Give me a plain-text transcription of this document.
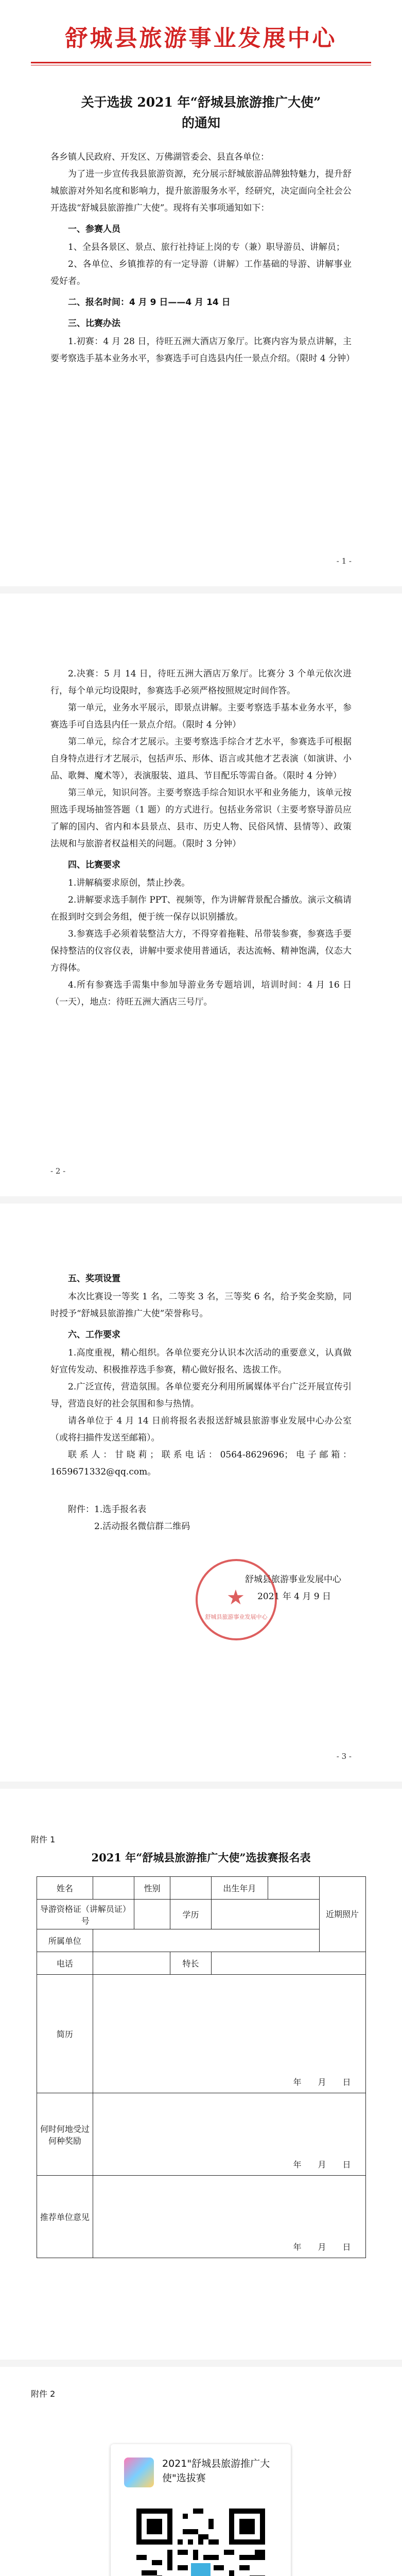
舒城县旅游事业发展中心
关于选拔 2021 年“舒城县旅游推广大使”
的通知

各乡镇人民政府、开发区、万佛湖管委会、县直各单位：

为了进一步宣传我县旅游资源，充分展示舒城旅游品牌独特魅力，提升舒城旅游对外知名度和影响力，提升旅游服务水平，经研究，决定面向全社会公开选拔“舒城县旅游推广大使”。现将有关事项通知如下：

一、参赛人员

1、全县各景区、景点、旅行社持证上岗的专（兼）职导游员、讲解员；

2、各单位、乡镇推荐的有一定导游（讲解）工作基础的导游、讲解事业爱好者。

二、报名时间：4 月 9 日——4 月 14 日
三、比赛办法

1.初赛：4 月 28 日，待旺五洲大酒店万象厅。比赛内容为景点讲解，主要考察选手基本业务水平，参赛选手可自选县内任一景点介绍。（限时 4 分钟）

- 1 -

2.决赛：5 月 14 日，待旺五洲大酒店万象厅。比赛分 3 个单元依次进行，每个单元均设限时，参赛选手必须严格按照规定时间作答。

第一单元，业务水平展示，即景点讲解。主要考察选手基本业务水平，参赛选手可自选县内任一景点介绍。（限时 4 分钟）

第二单元，综合才艺展示。主要考察选手综合才艺水平，参赛选手可根据自身特点进行才艺展示，包括声乐、形体、语言或其他才艺表演（如演讲、小品、歌舞、魔术等），表演服装、道具、节目配乐等需自备。（限时 4 分钟）

第三单元，知识问答。主要考察选手综合知识水平和业务能力，该单元按照选手现场抽签答题（1 题）的方式进行。包括业务常识（主要考察导游员应了解的国内、省内和本县景点、县市、历史人物、民俗风情、县情等）、政策法规和与旅游者权益相关的问题。（限时 3 分钟）

四、比赛要求

1.讲解稿要求原创，禁止抄袭。

2.讲解要求选手制作 PPT、视频等，作为讲解背景配合播放。演示文稿请在报到时交到会务组，便于统一保存以识别播放。

3.参赛选手必须着装整洁大方，不得穿着拖鞋、吊带装参赛，参赛选手要保持整洁的仪容仪表，讲解中要求使用普通话，表达流畅、精神饱满，仪态大方得体。

4.所有参赛选手需集中参加导游业务专题培训，培训时间：4 月 16 日（一天），地点：待旺五洲大酒店三号厅。

- 2 -
五、奖项设置

本次比赛设一等奖 1 名，二等奖 3 名，三等奖 6 名，给予奖金奖励，同时授予“舒城县旅游推广大使”荣誉称号。

六、工作要求

1.高度重视，精心组织。各单位要充分认识本次活动的重要意义，认真做好宣传发动、积极推荐选手参赛，精心做好报名、选拔工作。

2.广泛宣传，营造氛围。各单位要充分利用所属媒体平台广泛开展宣传引导，营造良好的社会氛围和参与热情。

请各单位于 4 月 14 日前将报名表报送舒城县旅游事业发展中心办公室（或将扫描件发送至邮箱）。

联系人：甘晓莉；联系电话：0564-8629696；电子邮箱：1659671332@qq.com。

附件：1.选手报名表

2.活动报名微信群二维码

舒城县旅游事业发展中心

2021 年 4 月 9 日

★
舒城县旅游事业发展中心
- 3 -
附件 1
2021 年“舒城县旅游推广大使”选拔赛报名表
姓名		性别		出生年月		近期照片
导游资格证（讲解员证）号			学历			
所属单位						
电话			特长			
简历	年　　月　　日					
何时何地受过何种奖励	年　　月　　日					
推荐单位意见	年　　月　　日					
附件 2
2021"舒城县旅游推广大使"选拔赛
